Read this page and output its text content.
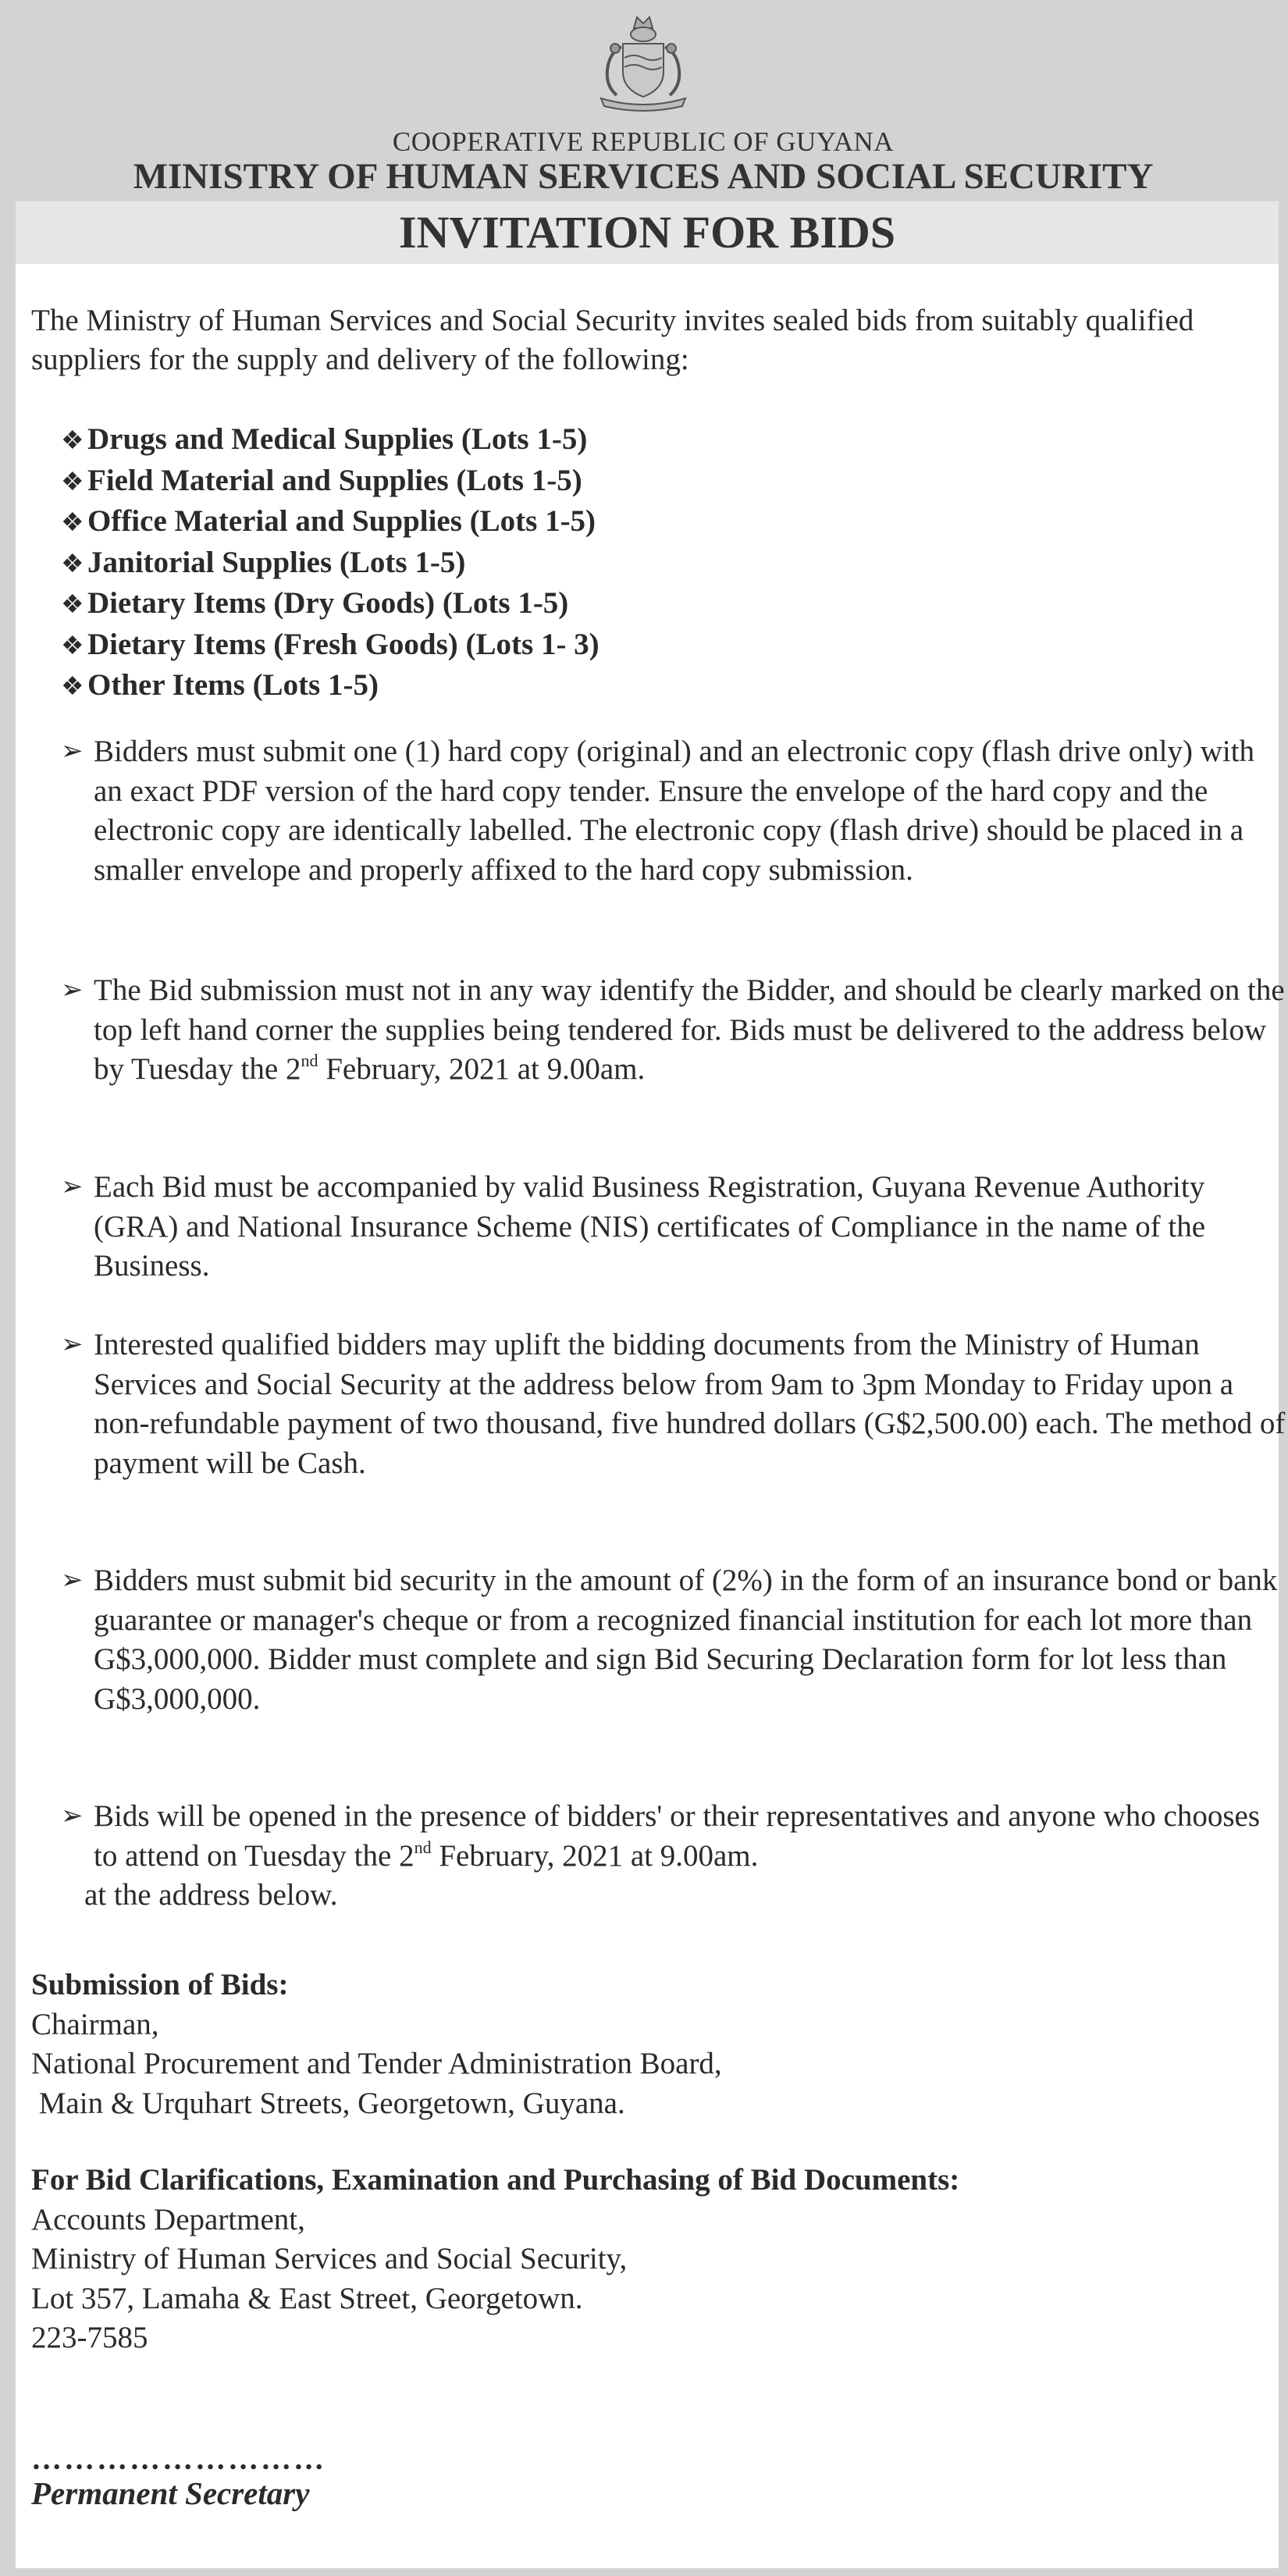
COOPERATIVE REPUBLIC OF GUYANA
MINISTRY OF HUMAN SERVICES AND SOCIAL SECURITY
INVITATION FOR BIDS
The Ministry of Human Services and Social Security invites sealed bids from suitably qualified suppliers for the supply and delivery of the following:
❖ Drugs and Medical Supplies (Lots 1-5)
❖ Field Material and Supplies (Lots 1-5)
❖ Office Material and Supplies (Lots 1-5)
❖ Janitorial Supplies (Lots 1-5)
❖ Dietary Items (Dry Goods) (Lots 1-5)
❖ Dietary Items (Fresh Goods) (Lots 1- 3)
❖ Other Items (Lots 1-5)
➢ Bidders must submit one (1) hard copy (original) and an electronic copy (flash drive only) with an exact PDF version of the hard copy tender. Ensure the envelope of the hard copy and the electronic copy are identically labelled. The electronic copy (flash drive) should be placed in a smaller envelope and properly affixed to the hard copy submission.
➢ The Bid submission must not in any way identify the Bidder, and should be clearly marked on the top left hand corner the supplies being tendered for. Bids must be delivered to the address below by Tuesday the 2nd February, 2021 at 9.00am.
➢ Each Bid must be accompanied by valid Business Registration, Guyana Revenue Authority (GRA) and National Insurance Scheme (NIS) certificates of Compliance in the name of the Business.
➢ Interested qualified bidders may uplift the bidding documents from the Ministry of Human Services and Social Security at the address below from 9am to 3pm Monday to Friday upon a non-refundable payment of two thousand, five hundred dollars (G$2,500.00) each. The method of payment will be Cash.
➢ Bidders must submit bid security in the amount of (2%) in the form of an insurance bond or bank guarantee or manager's cheque or from a recognized financial institution for each lot more than G$3,000,000. Bidder must complete and sign Bid Securing Declaration form for lot less than G$3,000,000.
➢ Bids will be opened in the presence of bidders' or their representatives and anyone who chooses to attend on Tuesday the 2nd February, 2021 at 9.00am.
at the address below.
Submission of Bids:
Chairman,
National Procurement and Tender Administration Board,
Main & Urquhart Streets, Georgetown, Guyana.
For Bid Clarifications, Examination and Purchasing of Bid Documents:
Accounts Department,
Ministry of Human Services and Social Security,
Lot 357, Lamaha & East Street, Georgetown.
223-7585
………………………
Permanent Secretary
